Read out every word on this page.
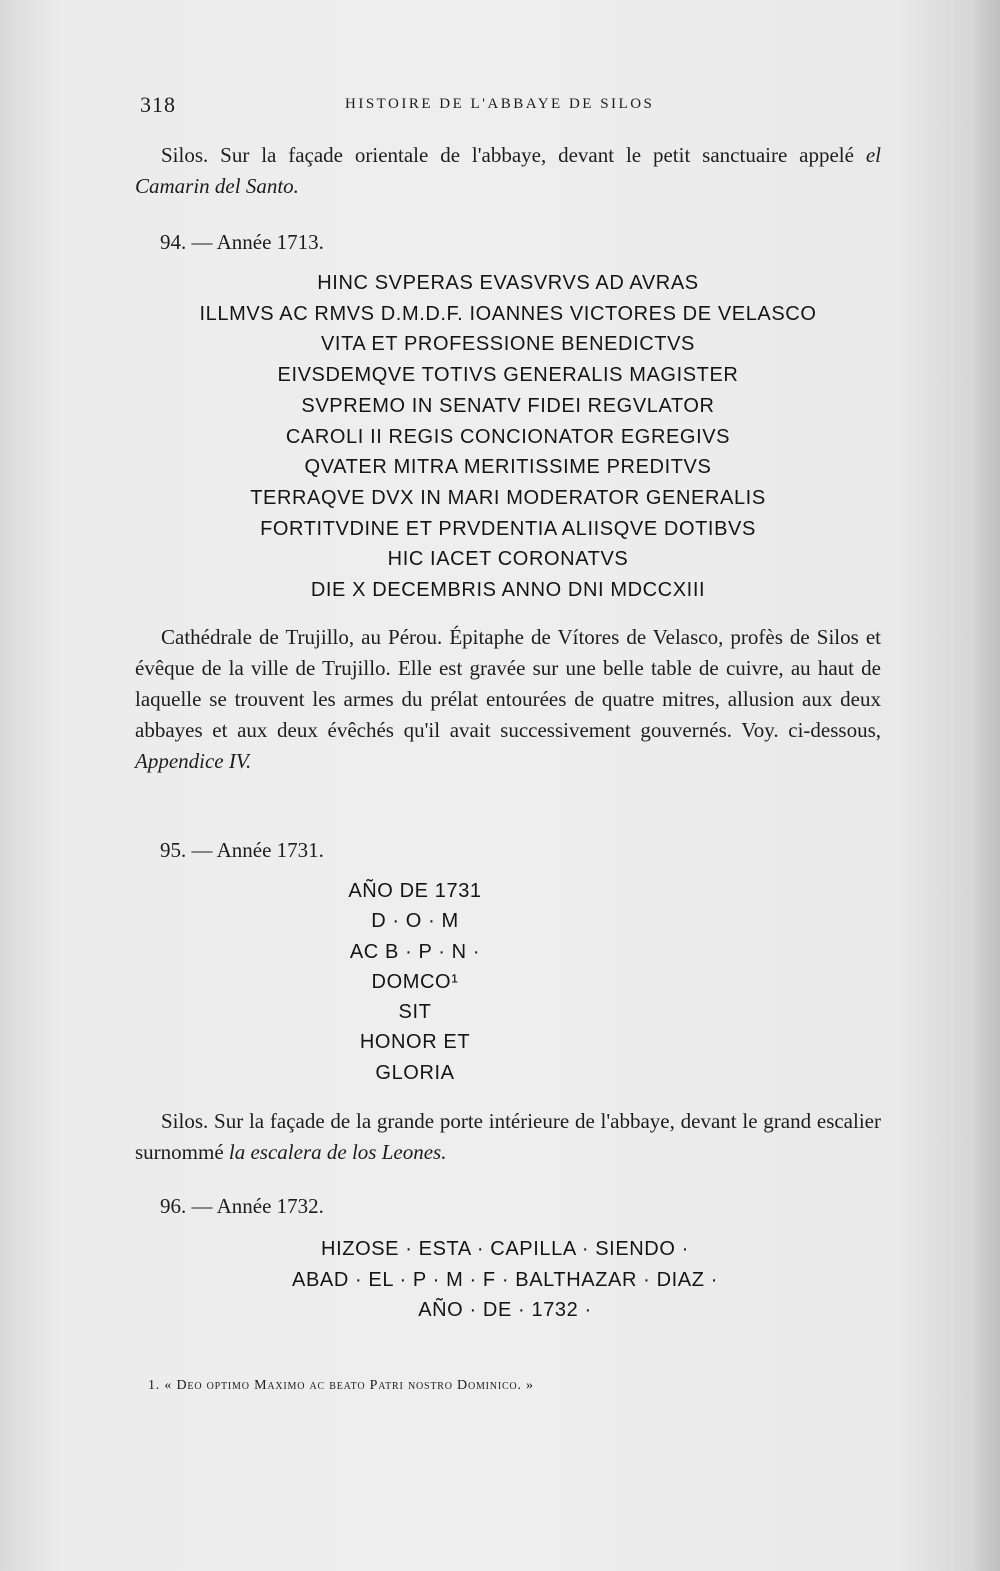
318	HISTOIRE DE L'ABBAYE DE SILOS

Silos. Sur la façade orientale de l'abbaye, devant le petit sanctuaire appelé el Camarin del Santo.

94. — Année 1713.
HINC SVPERAS EVASVRVS AD AVRAS
ILLMVS AC RMVS D.M.D.F. IOANNES VICTORES DE VELASCO
VITA ET PROFESSIONE BENEDICTVS
EIVSDEMQVE TOTIVS GENERALIS MAGISTER
SVPREMO IN SENATV FIDEI REGVLATOR
CAROLI II REGIS CONCIONATOR EGREGIVS
QVATER MITRA MERITISSIME PREDITVS
TERRAQVE DVX IN MARI MODERATOR GENERALIS
FORTITVDINE ET PRVDENTIA ALIISQVE DOTIBVS
HIC IACET CORONATVS
DIE X DECEMBRIS ANNO DNI MDCCXIII

Cathédrale de Trujillo, au Pérou. Épitaphe de Vítores de Velasco, profès de Silos et évêque de la ville de Trujillo. Elle est gravée sur une belle table de cuivre, au haut de laquelle se trouvent les armes du prélat entourées de quatre mitres, allusion aux deux abbayes et aux deux évêchés qu'il avait successivement gouvernés. Voy. ci-dessous, Appendice IV.

95. — Année 1731.
AÑO DE 1731
D · O · M
AC B · P · N ·
DOMCO¹
SIT
HONOR ET
GLORIA

Silos. Sur la façade de la grande porte intérieure de l'abbaye, devant le grand escalier surnommé la escalera de los Leones.

96. — Année 1732.
HIZOSE · ESTA · CAPILLA · SIENDO ·
ABAD · EL · P · M · F · BALTHAZAR · DIAZ ·
AÑO · DE · 1732 ·
1. « Deo optimo Maximo ac beato Patri nostro Dominico. »
